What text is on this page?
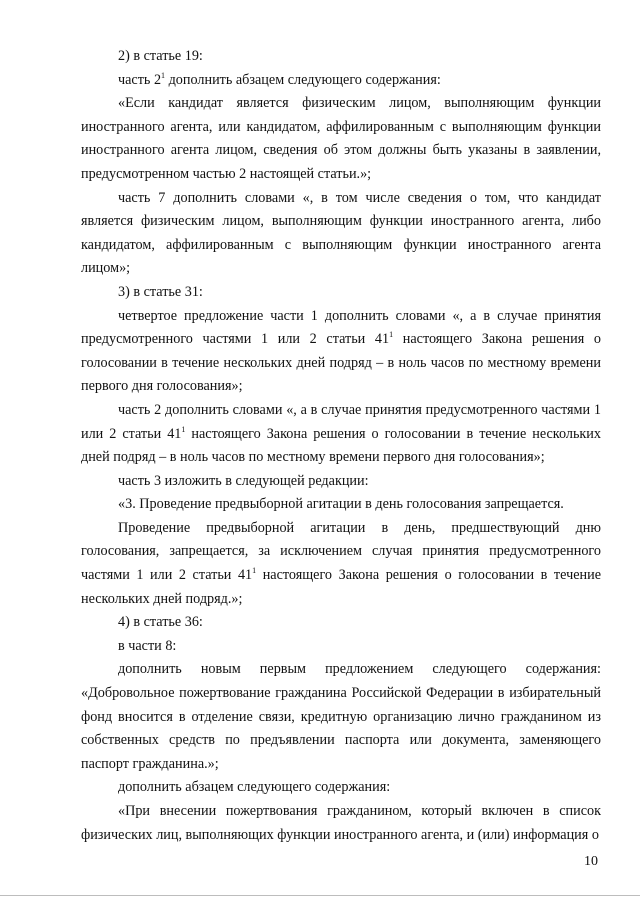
2) в статье 19:

часть $2^1$ дополнить абзацем следующего содержания:

«Если кандидат является физическим лицом, выполняющим функции иностранного агента, или кандидатом, аффилированным с выполняющим функции иностранного агента лицом, сведения об этом должны быть указаны в заявлении, предусмотренном частью 2 настоящей статьи.»;

часть 7 дополнить словами «, в том числе сведения о том, что кандидат является физическим лицом, выполняющим функции иностранного агента, либо кандидатом, аффилированным с выполняющим функции иностранного агента лицом»;

3) в статье 31:

четвертое предложение части 1 дополнить словами «, а в случае принятия предусмотренного частями 1 или 2 статьи $41^1$ настоящего Закона решения о голосовании в течение нескольких дней подряд – в ноль часов по местному времени первого дня голосования»;

часть 2 дополнить словами «, а в случае принятия предусмотренного частями 1 или 2 статьи $41^1$ настоящего Закона решения о голосовании в течение нескольких дней подряд – в ноль часов по местному времени первого дня голосования»;

часть 3 изложить в следующей редакции:

«3. Проведение предвыборной агитации в день голосования запрещается.

Проведение предвыборной агитации в день, предшествующий дню голосования, запрещается, за исключением случая принятия предусмотренного частями 1 или 2 статьи $41^1$ настоящего Закона решения о голосовании в течение нескольких дней подряд.»;

4) в статье 36:

в части 8:

дополнить новым первым предложением следующего содержания: «Добровольное пожертвование гражданина Российской Федерации в избирательный фонд вносится в отделение связи, кредитную организацию лично гражданином из собственных средств по предъявлении паспорта или документа, заменяющего паспорт гражданина.»;

дополнить абзацем следующего содержания:

«При внесении пожертвования гражданином, который включен в список физических лиц, выполняющих функции иностранного агента, и (или) информация о

10
